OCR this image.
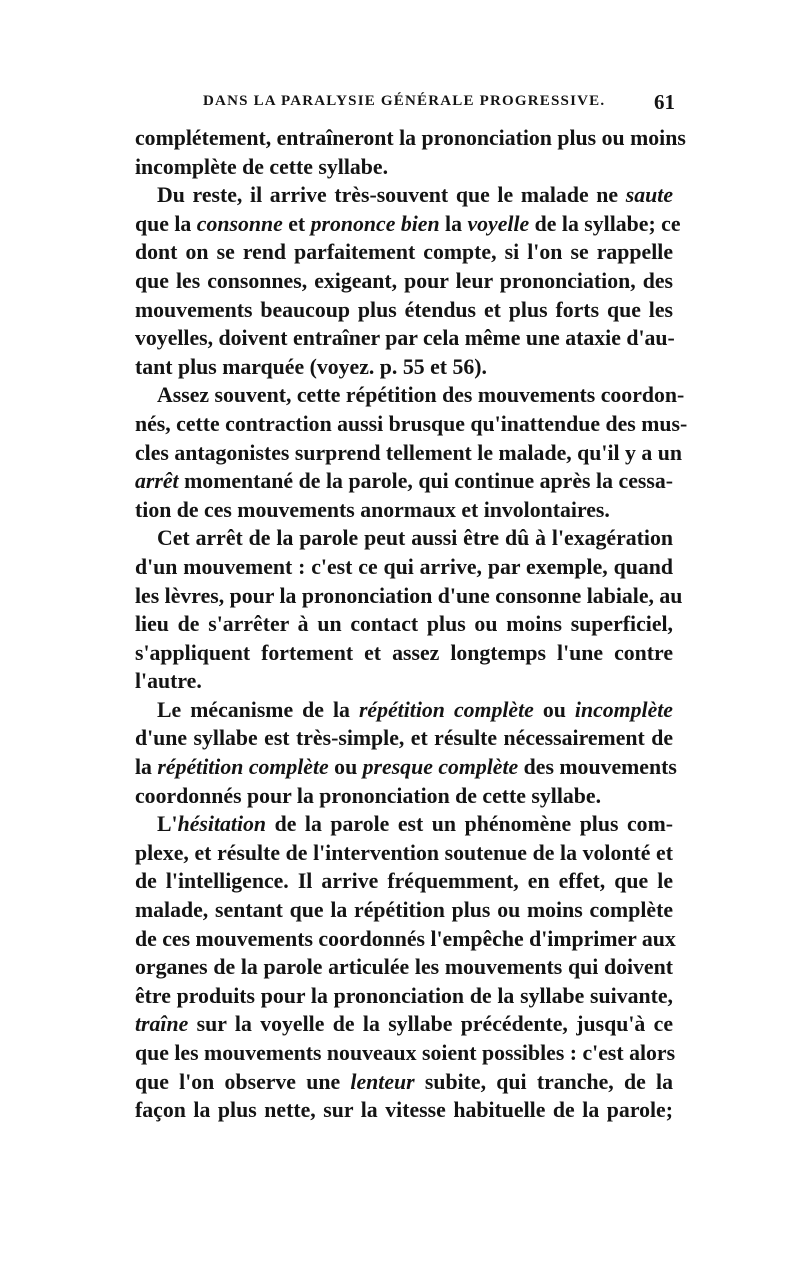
DANS LA PARALYSIE GÉNÉRALE PROGRESSIVE. 61
complétement, entraîneront la prononciation plus ou moins
incomplète de cette syllabe.
Du reste, il arrive très-souvent que le malade ne saute
que la consonne et prononce bien la voyelle de la syllabe; ce
dont on se rend parfaitement compte, si l'on se rappelle
que les consonnes, exigeant, pour leur prononciation, des
mouvements beaucoup plus étendus et plus forts que les
voyelles, doivent entraîner par cela même une ataxie d'au-
tant plus marquée (voyez. p. 55 et 56).
Assez souvent, cette répétition des mouvements coordon-
nés, cette contraction aussi brusque qu'inattendue des mus-
cles antagonistes surprend tellement le malade, qu'il y a un
arrêt momentané de la parole, qui continue après la cessa-
tion de ces mouvements anormaux et involontaires.
Cet arrêt de la parole peut aussi être dû à l'exagération
d'un mouvement : c'est ce qui arrive, par exemple, quand
les lèvres, pour la prononciation d'une consonne labiale, au
lieu de s'arrêter à un contact plus ou moins superficiel,
s'appliquent fortement et assez longtemps l'une contre
l'autre.
Le mécanisme de la répétition complète ou incomplète
d'une syllabe est très-simple, et résulte nécessairement de
la répétition complète ou presque complète des mouvements
coordonnés pour la prononciation de cette syllabe.
L'hésitation de la parole est un phénomène plus com-
plexe, et résulte de l'intervention soutenue de la volonté et
de l'intelligence. Il arrive fréquemment, en effet, que le
malade, sentant que la répétition plus ou moins complète
de ces mouvements coordonnés l'empêche d'imprimer aux
organes de la parole articulée les mouvements qui doivent
être produits pour la prononciation de la syllabe suivante,
traîne sur la voyelle de la syllabe précédente, jusqu'à ce
que les mouvements nouveaux soient possibles : c'est alors
que l'on observe une lenteur subite, qui tranche, de la
façon la plus nette, sur la vitesse habituelle de la parole;
